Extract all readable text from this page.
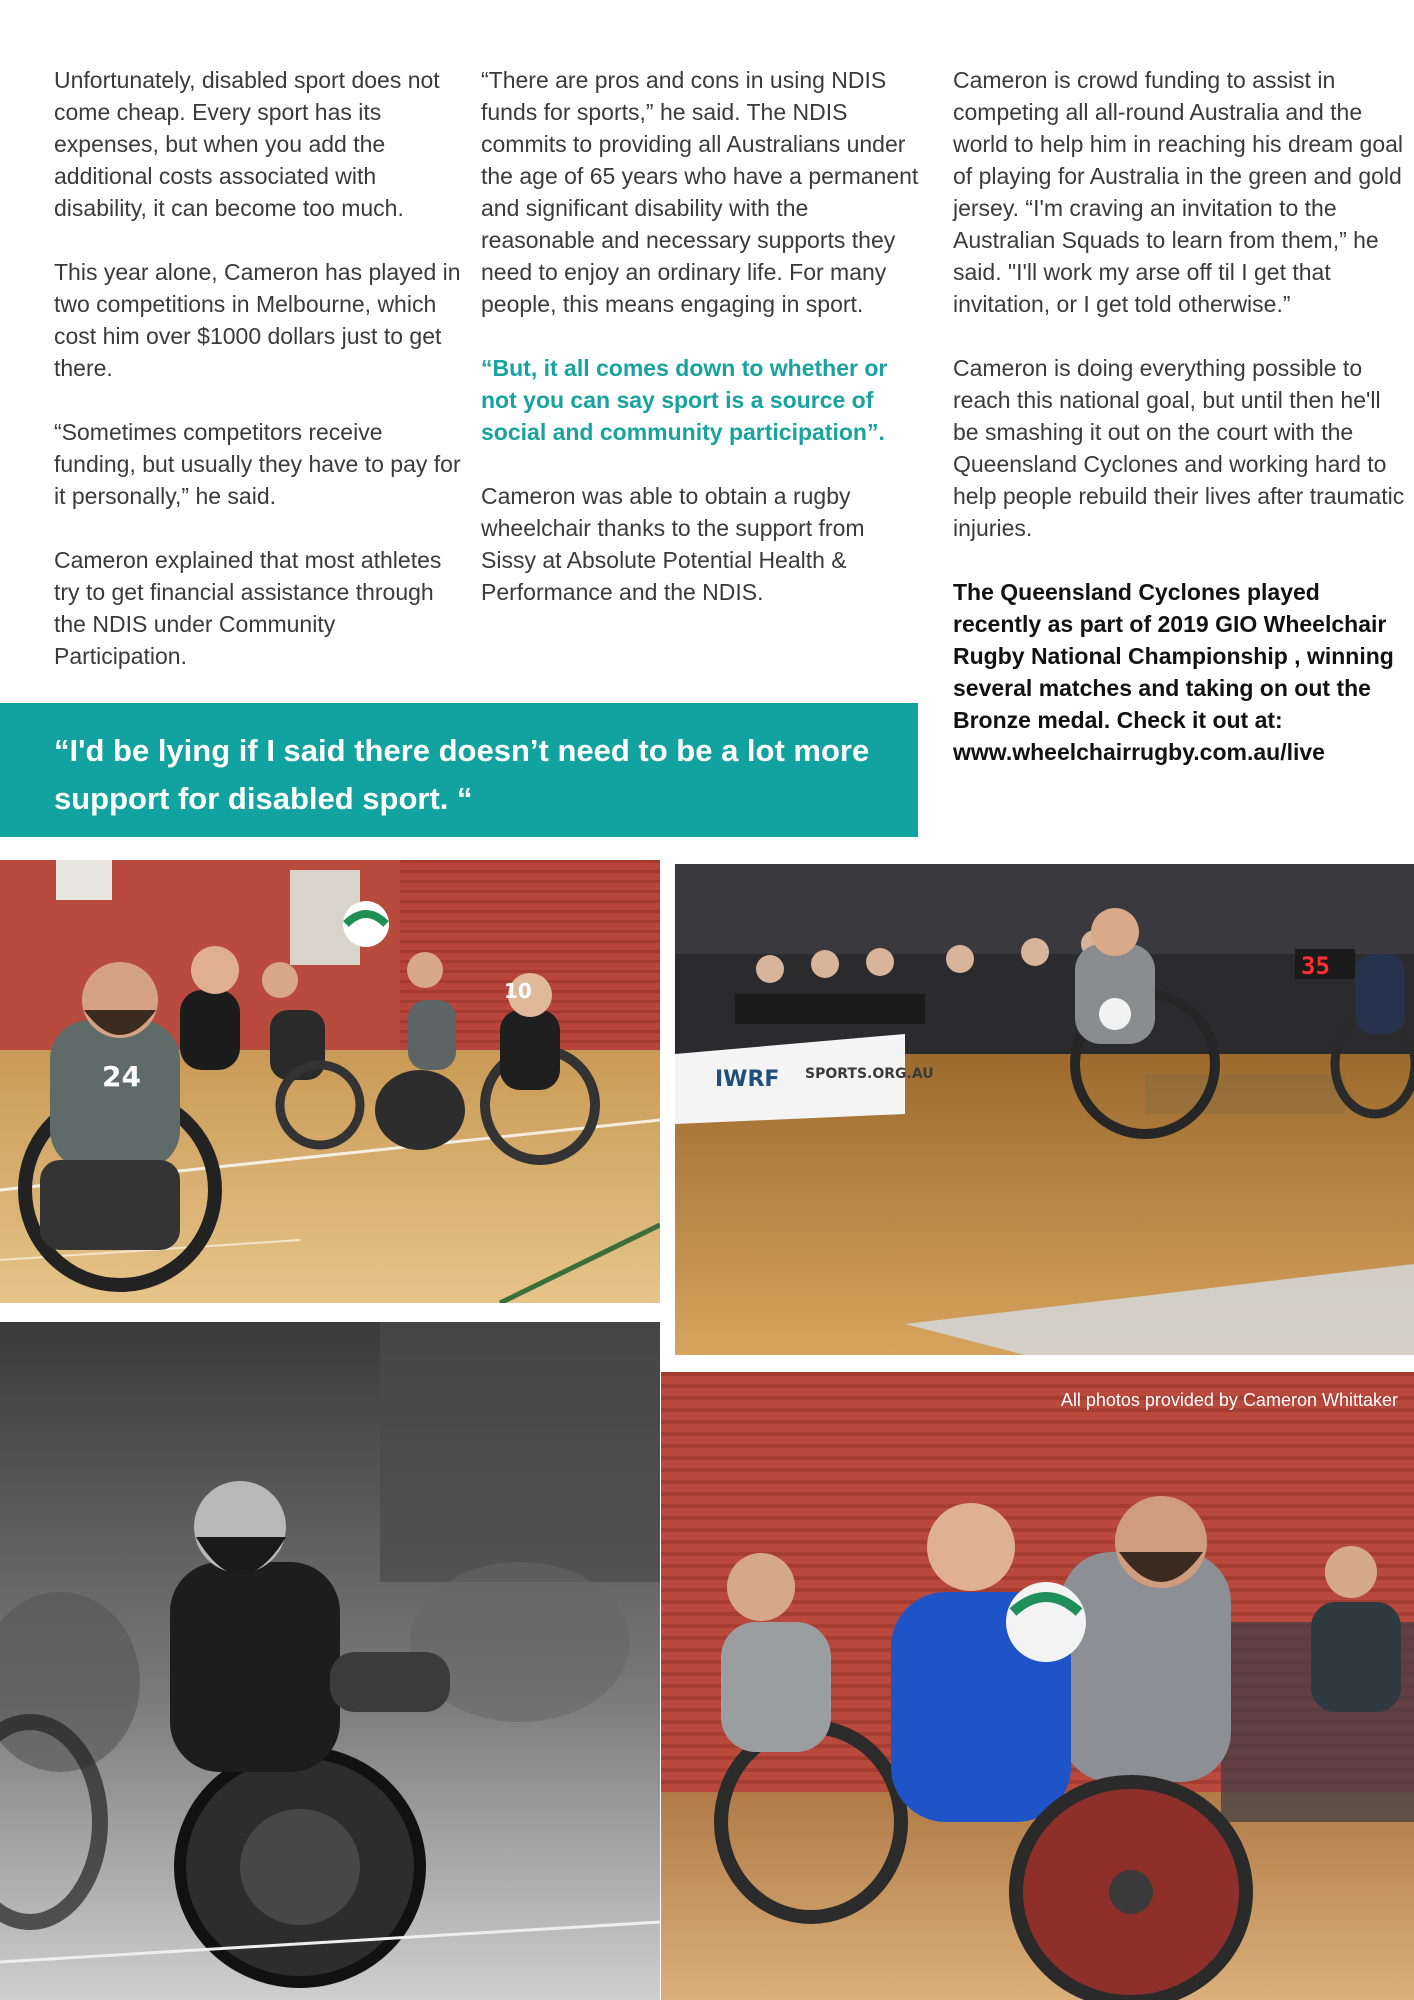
Unfortunately, disabled sport does not come cheap. Every sport has its expenses, but when you add the additional costs associated with disability, it can become too much.

This year alone, Cameron has played in two competitions in Melbourne, which cost him over $1000 dollars just to get there.

“Sometimes competitors receive funding, but usually they have to pay for it personally,” he said.

Cameron explained that most athletes try to get financial assistance through the NDIS under Community Participation.

“There are pros and cons in using NDIS funds for sports,” he said. The NDIS commits to providing all Australians under the age of 65 years who have a permanent and significant disability with the reasonable and necessary supports they need to enjoy an ordinary life. For many people, this means engaging in sport.

“But, it all comes down to whether or not you can say sport is a source of social and community participation”.

Cameron was able to obtain a rugby wheelchair thanks to the support from Sissy at Absolute Potential Health & Performance and the NDIS.

Cameron is crowd funding to assist in competing all all-round Australia and the world to help him in reaching his dream goal of playing for Australia in the green and gold jersey. “I'm craving an invitation to the Australian Squads to learn from them,” he said. "I'll work my arse off til I get that invitation, or I get told otherwise.”

Cameron is doing everything possible to reach this national goal, but until then he'll be smashing it out on the court with the Queensland Cyclones and working hard to help people rebuild their lives after traumatic injuries.

The Queensland Cyclones played recently as part of 2019 GIO Wheelchair Rugby National Championship , winning several matches and taking on out the Bronze medal. Check it out at: www.wheelchairrugby.com.au/live

“I'd be lying if I said there doesn’t need to be a lot more support for disabled sport. “
24
10
IWRF SPORTS.ORG.AU
35
All photos provided by Cameron Whittaker
